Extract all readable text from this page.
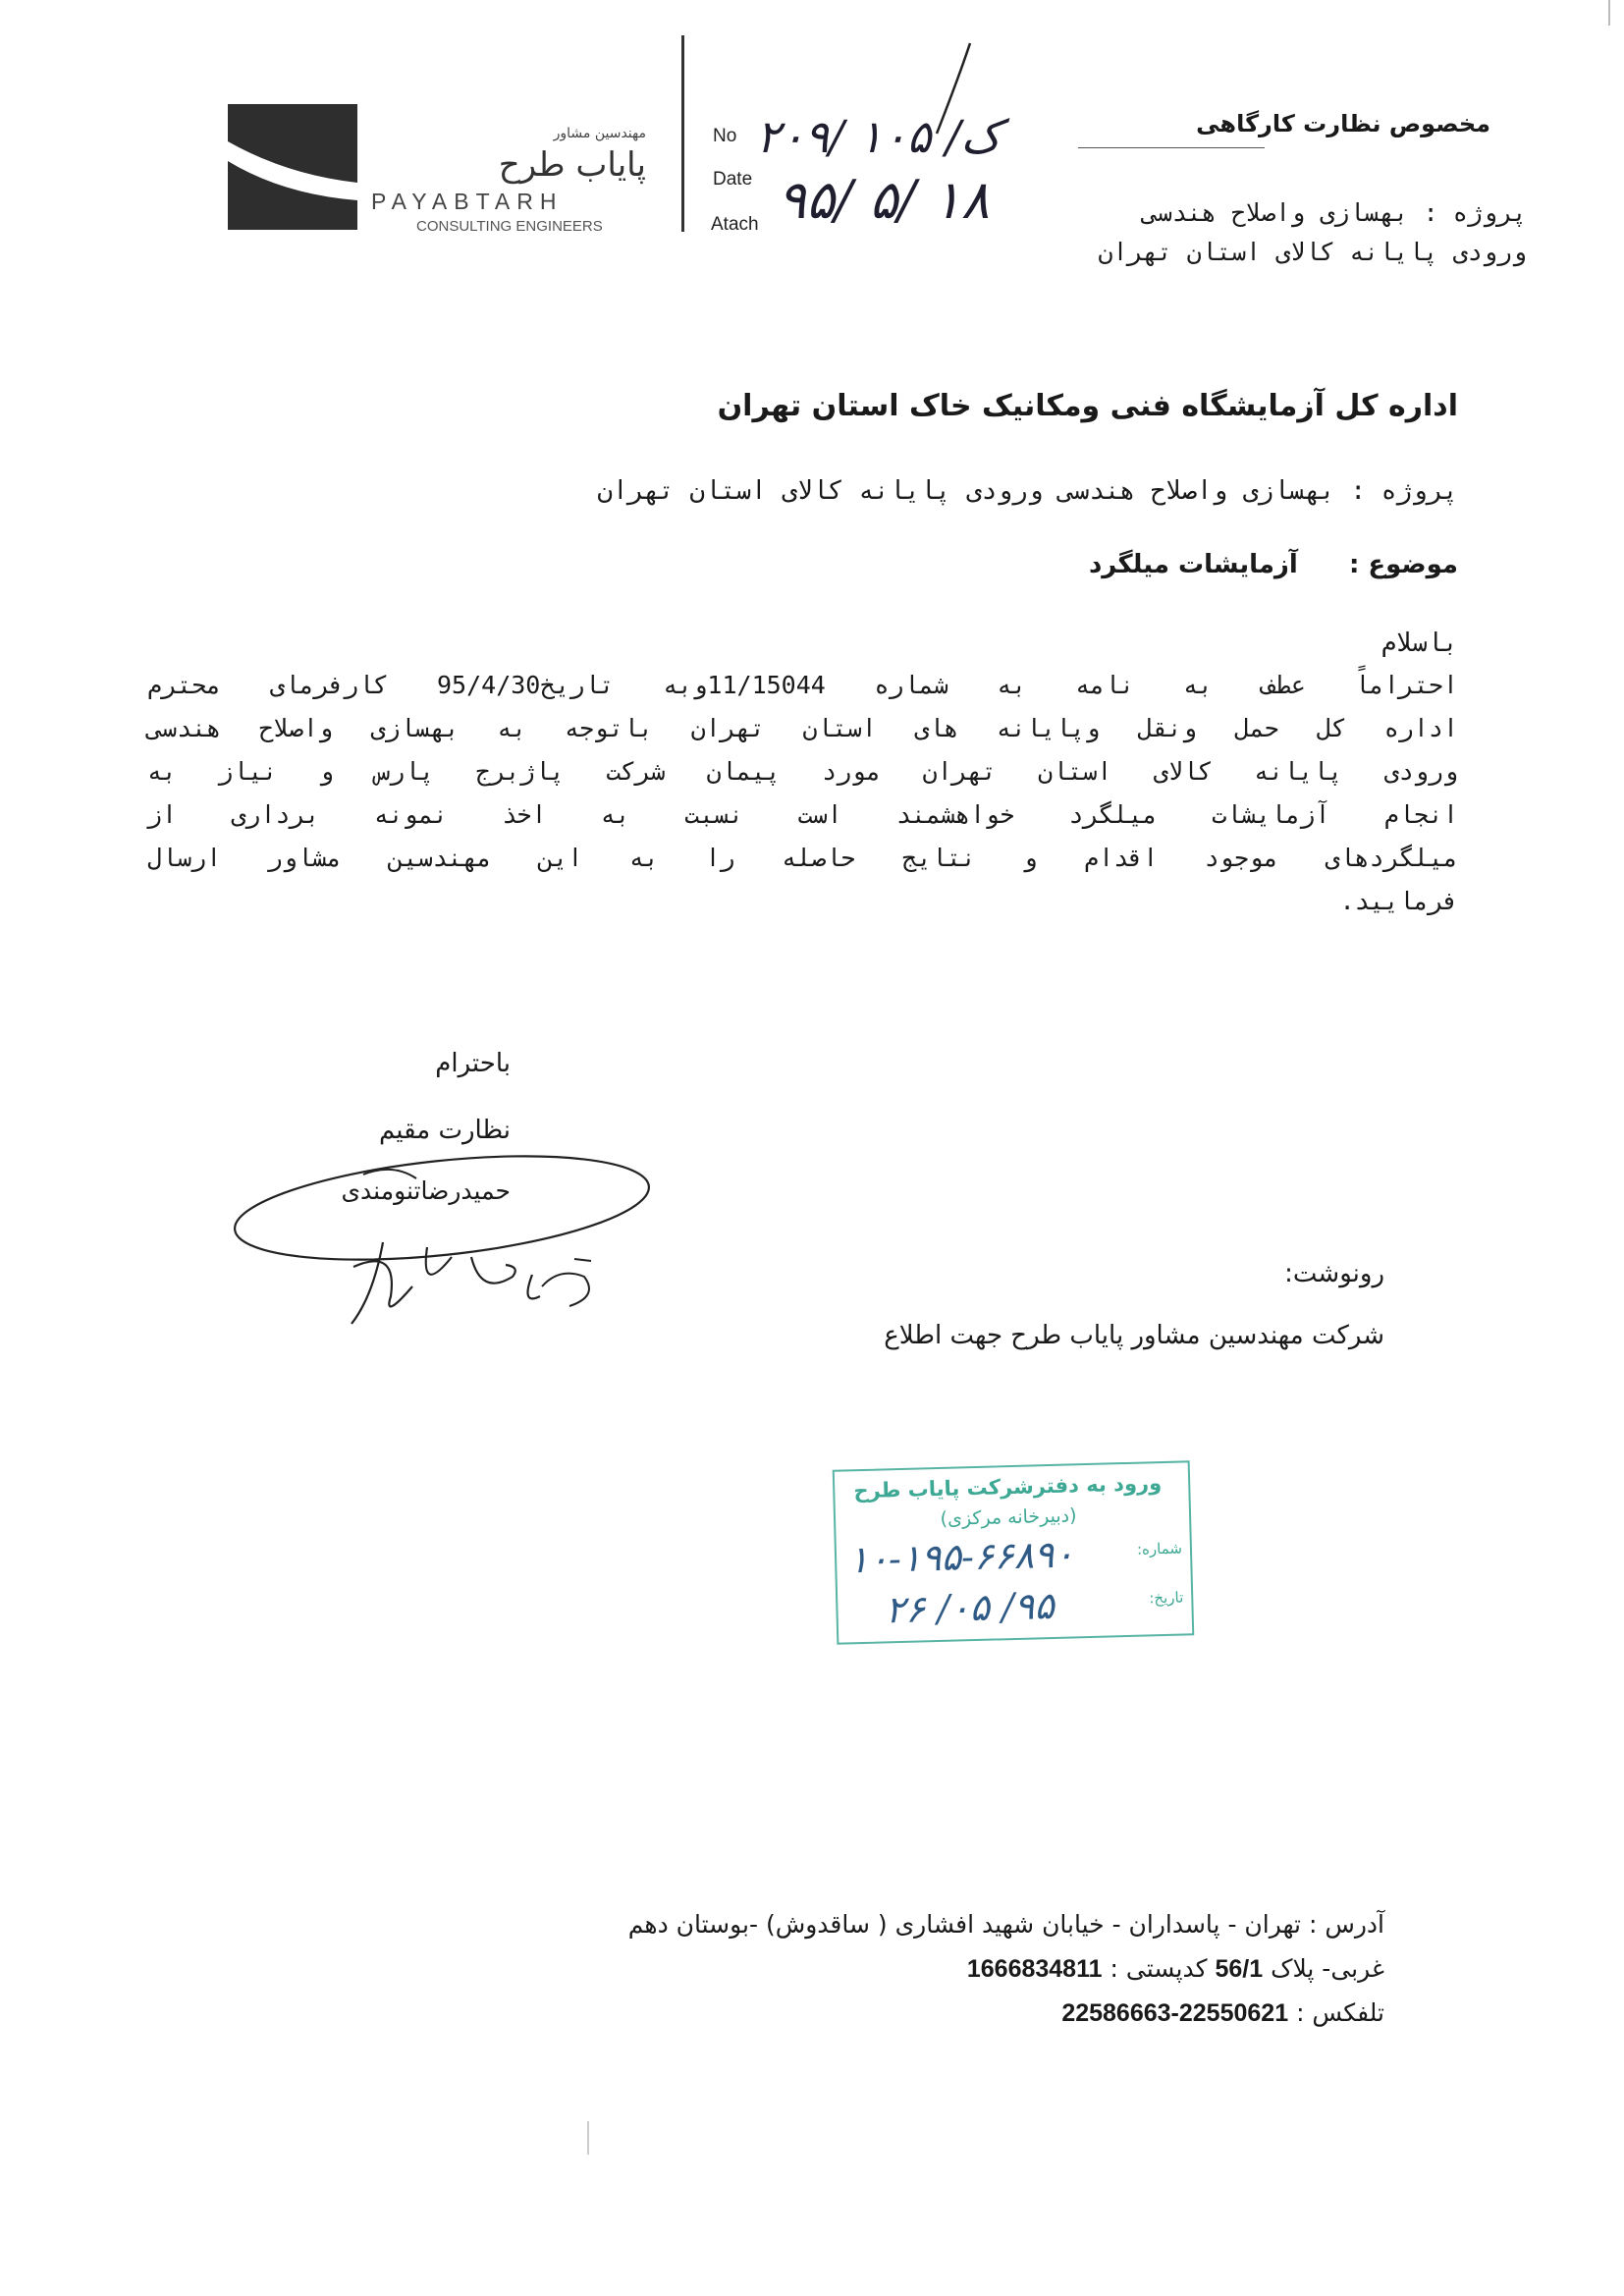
مهندسین مشاور
پایاب طرح
PAYABTARH
CONSULTING ENGINEERS
No
Date
Atach
۲۰۹/ ک/ ۱۰۵
۹۵/ ۵/ ۱۸
مخصوص نظارت کارگاهی
پروژه : بهسازی واصلاح هندسی
ورودی پایانه کالای استان تهران
اداره کل آزمایشگاه فنی ومکانیک خاک استان تهران
پروژه : بهسازی واصلاح هندسی ورودی پایانه کالای استان تهران
موضوع :  آزمایشات میلگرد
باسلام
احتراماً عطف به نامه به شماره 11/15044وبه تاریخ95/4/30 کارفرمای محترم
اداره کل حمل ونقل وپایانه های استان تهران باتوجه به بهسازی واصلاح هندسی
ورودی پایانه کالای استان تهران مورد پیمان شرکت پاژبرج پارس و نیاز به
انجام آزمایشات میلگرد خواهشمند است نسبت به اخذ نمونه برداری از
میلگردهای موجود اقدام و نتایج حاصله را به این مهندسین مشاور ارسال
فرمایید.
باحترام
نظارت مقیم
حمیدرضاتنومندی
رونوشت:
شرکت مهندسین مشاور پایاب طرح جهت اطلاع
ورود به دفترشرکت پایاب طرح
(دبیرخانه مرکزی)
شماره:
تاریخ:
۱۰-۱۹۵-۶۶۸۹۰
۹۵/ ۰۵/ ۲۶
آدرس : تهران - پاسداران - خیابان شهید افشاری ( ساقدوش) -بوستان دهم
غربی- پلاک 56/1 کدپستی : 1666834811
تلفکس : 22550621-22586663
